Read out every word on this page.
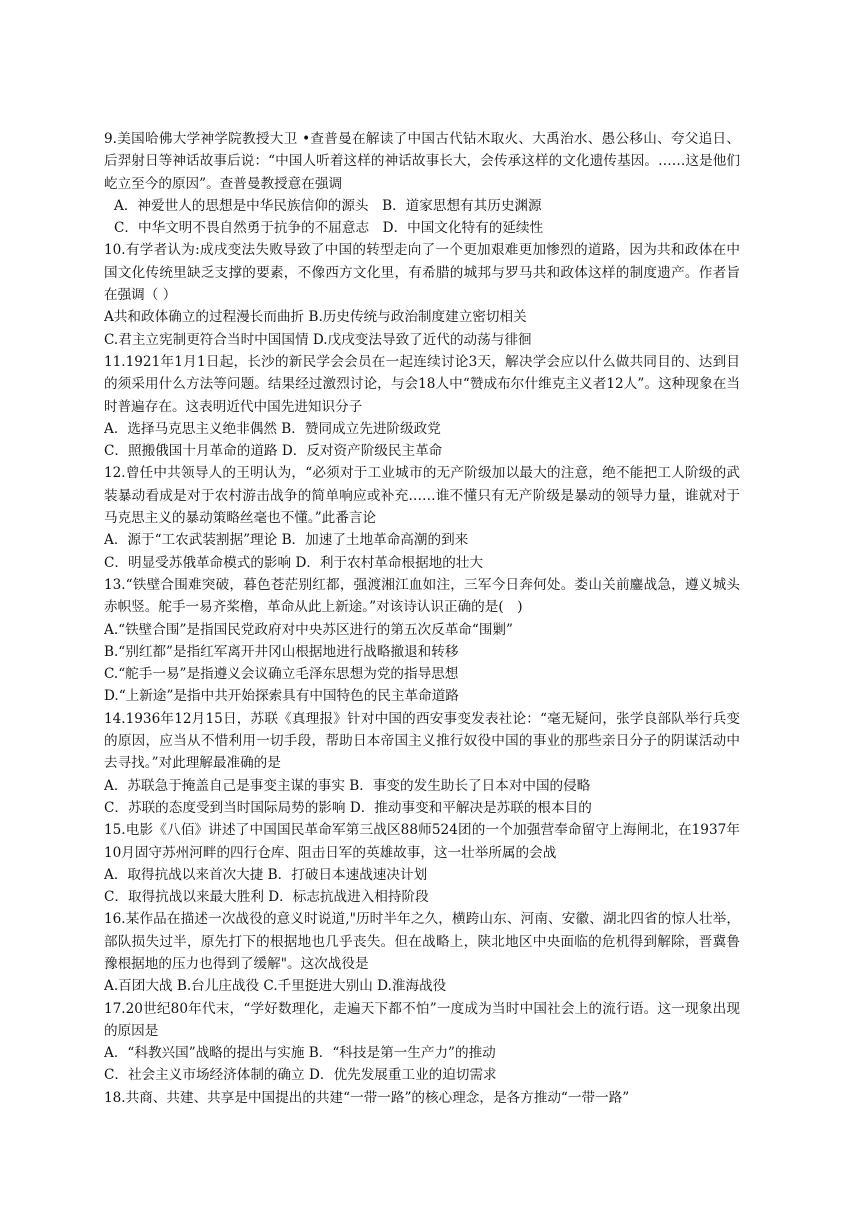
9.美国哈佛大学神学院教授大卫 •查普曼在解读了中国古代钻木取火、大禹治水、愚公移山、夸父追日、后羿射日等神话故事后说：“中国人听着这样的神话故事长大，会传承这样的文化遗传基因。……这是他们屹立至今的原因”。查普曼教授意在强调

A．神爱世人的思想是中华民族信仰的源头　B．道家思想有其历史渊源

C．中华文明不畏自然勇于抗争的不屈意志　D．中国文化特有的延续性

10.有学者认为:成戌变法失败导致了中国的转型走向了一个更加艰难更加惨烈的道路，因为共和政体在中国文化传统里缺乏支撑的要素，不像西方文化里，有希腊的城邦与罗马共和政体这样的制度遗产。作者旨在强调（ ）

A共和政体确立的过程漫长而曲折 B.历史传统与政治制度建立密切相关

C.君主立宪制更符合当时中国国情 D.戊戌变法导致了近代的动荡与徘徊

11.1921年1月1日起，长沙的新民学会会员在一起连续讨论3天，解决学会应以什么做共同目的、达到目的须采用什么方法等问题。结果经过激烈讨论，与会18人中“赞成布尔什维克主义者12人”。这种现象在当时普遍存在。这表明近代中国先进知识分子

A．选择马克思主义绝非偶然 B．赞同成立先进阶级政党

C．照搬俄国十月革命的道路 D．反对资产阶级民主革命

12.曾任中共领导人的王明认为，“必须对于工业城市的无产阶级加以最大的注意，绝不能把工人阶级的武装暴动看成是对于农村游击战争的简单响应或补充……谁不懂只有无产阶级是暴动的领导力量，谁就对于马克思主义的暴动策略丝毫也不懂。”此番言论

A．源于“工农武装割据”理论 B．加速了土地革命高潮的到来

C．明显受苏俄革命模式的影响 D．利于农村革命根据地的壮大

13.“铁壁合围难突破，暮色苍茫别红都，强渡湘江血如注，三军今日奔何处。娄山关前鏖战急，遵义城头赤帜竖。舵手一易齐桨橹，革命从此上新途。”对该诗认识正确的是(　)

A.“铁壁合围”是指国民党政府对中央苏区进行的第五次反革命“围剿”

B.“别红都”是指红军离开井冈山根据地进行战略撤退和转移

C.“舵手一易”是指遵义会议确立毛泽东思想为党的指导思想

D.“上新途”是指中共开始探索具有中国特色的民主革命道路

14.1936年12月15日，苏联《真理报》针对中国的西安事变发表社论：“毫无疑问，张学良部队举行兵变的原因，应当从不惜利用一切手段，帮助日本帝国主义推行奴役中国的事业的那些亲日分子的阴谋活动中去寻找。”对此理解最准确的是

A．苏联急于掩盖自己是事变主谋的事实 B．事变的发生助长了日本对中国的侵略

C．苏联的态度受到当时国际局势的影响 D．推动事变和平解决是苏联的根本目的

15.电影《八佰》讲述了中国国民革命军第三战区88师524团的一个加强营奉命留守上海闸北，在1937年10月固守苏州河畔的四行仓库、阻击日军的英雄故事，这一壮举所属的会战

A．取得抗战以来首次大捷 B．打破日本速战速决计划

C．取得抗战以来最大胜利 D．标志抗战进入相持阶段

16.某作品在描述一次战役的意义时说道,"历时半年之久，横跨山东、河南、安徽、湖北四省的惊人壮举，部队损失过半，原先打下的根据地也几乎丧失。但在战略上，陕北地区中央面临的危机得到解除，晋冀鲁豫根据地的压力也得到了缓解"。这次战役是

A.百团大战 B.台儿庄战役 C.千里挺进大别山 D.淮海战役

17.20世纪80年代末，“学好数理化，走遍天下都不怕”一度成为当时中国社会上的流行语。这一现象出现的原因是

A．“科教兴国”战略的提出与实施 B．“科技是第一生产力”的推动

C．社会主义市场经济体制的确立 D．优先发展重工业的迫切需求

18.共商、共建、共享是中国提出的共建“一带一路”的核心理念，是各方推动“一带一路”
